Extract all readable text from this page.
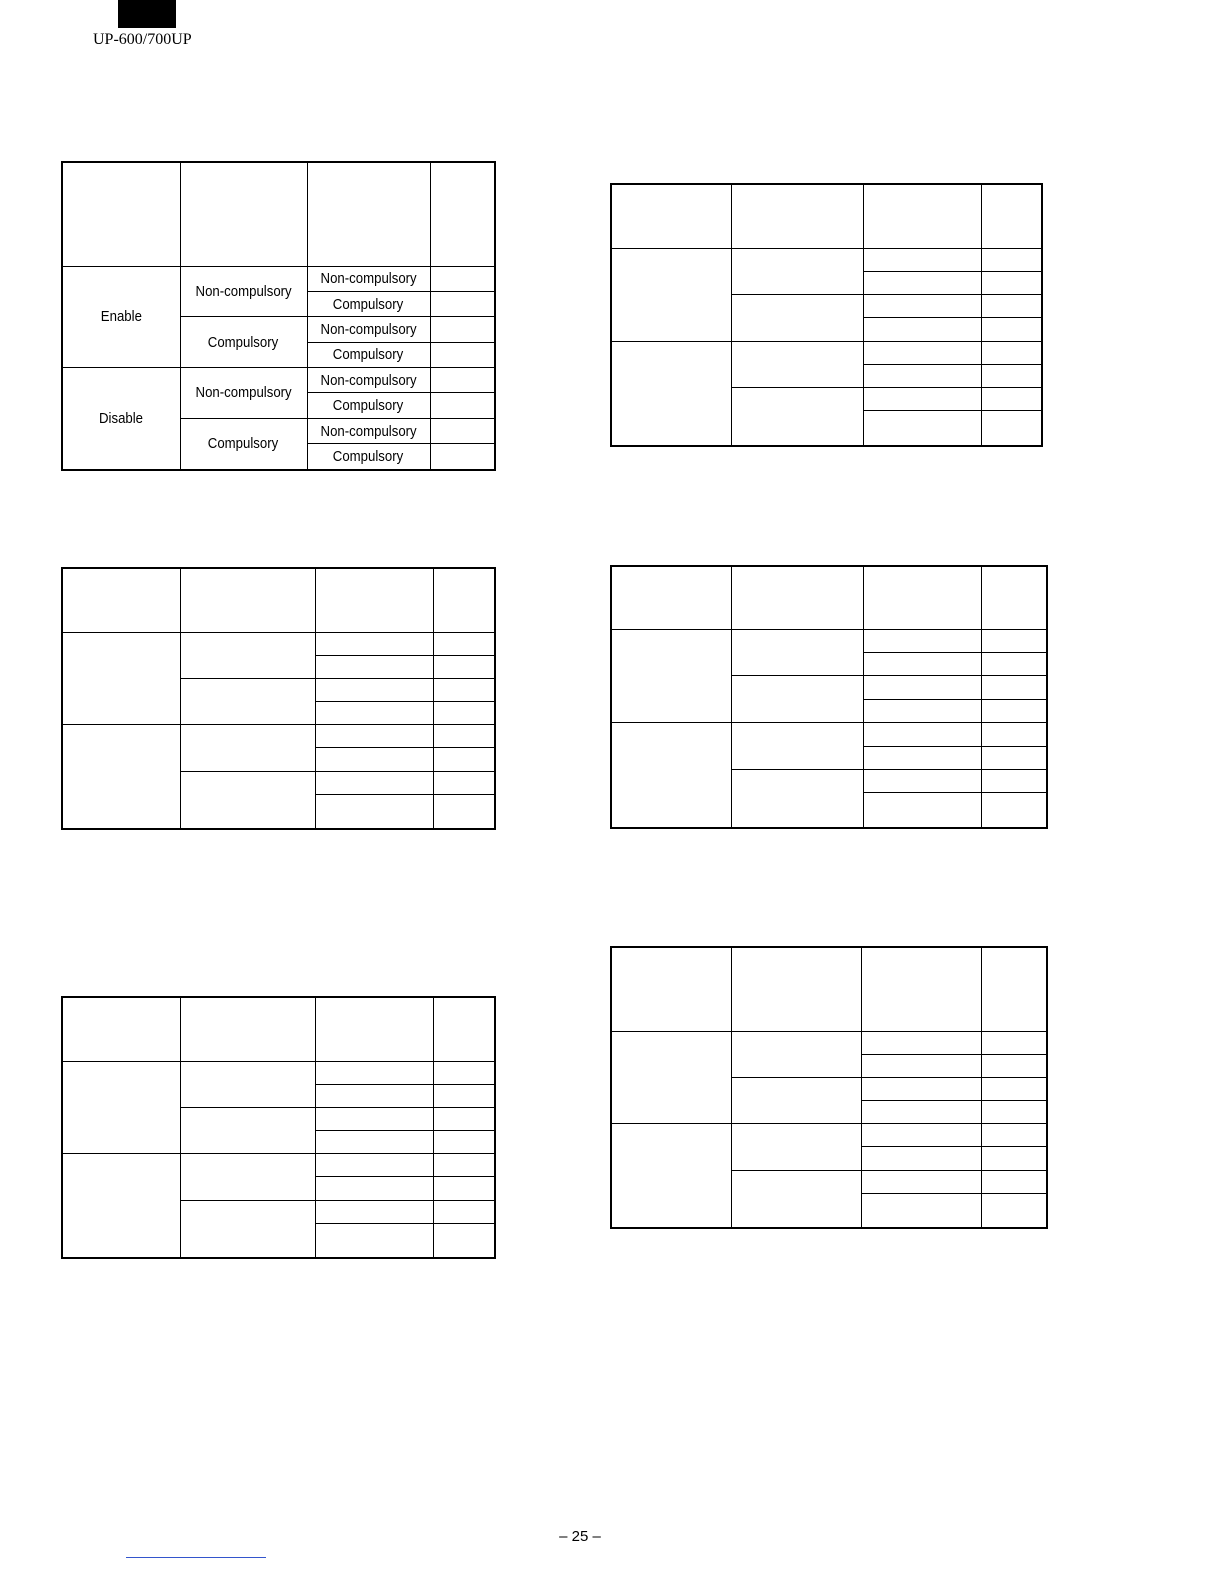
UP-600/700UP

Enable	Non-compulsory	Non-compulsory	
		Compulsory	
	Compulsory	Non-compulsory	
		Compulsory	
Disable	Non-compulsory	Non-compulsory	
		Compulsory	
	Compulsory	Non-compulsory	
		Compulsory	

– 25 –
